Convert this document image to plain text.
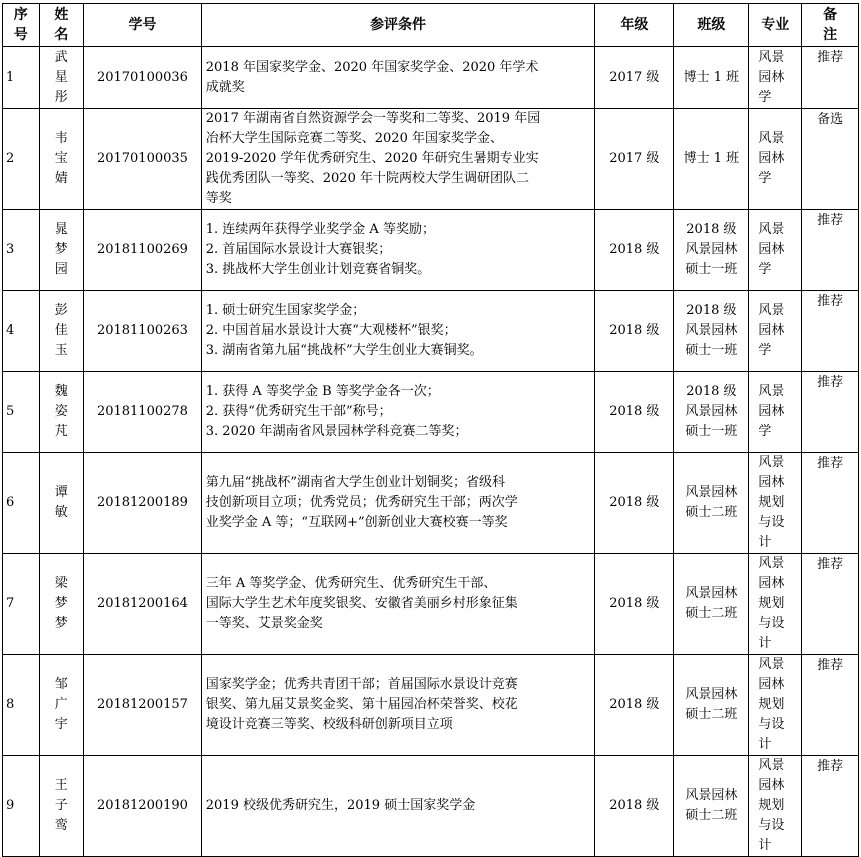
序号	姓名	学号	参评条件	年级	班级	专业	备注

1	武星彤	20170100036	2018 年国家奖学金、2020 年国家奖学金、2020 年学术
成就奖	2017 级	博士 1 班	风景园林学	推荐
2	韦宝婧	20170100035	2017 年湖南省自然资源学会一等奖和二等奖、2019 年园
冶杯大学生国际竞赛二等奖、2020 年国家奖学金、
2019-2020 学年优秀研究生、2020 年研究生暑期专业实
践优秀团队一等奖、2020 年十院两校大学生调研团队二
等奖	2017 级	博士 1 班	风景园林学	备选
3	晁梦园	20181100269	1. 连续两年获得学业奖学金 A 等奖励；
2. 首届国际水景设计大赛银奖；
3. 挑战杯大学生创业计划竞赛省铜奖。	2018 级	2018 级风景园林硕士一班	风景园林学	推荐
4	彭佳玉	20181100263	1. 硕士研究生国家奖学金；
2. 中国首届水景设计大赛“大观楼杯”银奖；
3. 湖南省第九届“挑战杯”大学生创业大赛铜奖。	2018 级	2018 级风景园林硕士一班	风景园林学	推荐
5	魏姿芃	20181100278	1. 获得 A 等奖学金 B 等奖学金各一次；
2. 获得“优秀研究生干部”称号；
3. 2020 年湖南省风景园林学科竞赛二等奖；	2018 级	2018 级风景园林硕士一班	风景园林学	推荐
6	谭敏	20181200189	第九届“挑战杯”湖南省大学生创业计划铜奖；省级科
技创新项目立项；优秀党员；优秀研究生干部；两次学
业奖学金 A 等；“互联网+”创新创业大赛校赛一等奖	2018 级	风景园林硕士二班	风景园林规划与设计	推荐
7	梁梦梦	20181200164	三年 A 等奖学金、优秀研究生、优秀研究生干部、
国际大学生艺术年度奖银奖、安徽省美丽乡村形象征集
一等奖、艾景奖金奖	2018 级	风景园林硕士二班	风景园林规划与设计	推荐
8	邹广宇	20181200157	国家奖学金；优秀共青团干部；首届国际水景设计竞赛
银奖、第九届艾景奖金奖、第十届园冶杯荣誉奖、校花
境设计竞赛三等奖、校级科研创新项目立项	2018 级	风景园林硕士二班	风景园林规划与设计	推荐
9	王子鸾	20181200190	2019 校级优秀研究生，2019 硕士国家奖学金	2018 级	风景园林硕士二班	风景园林规划与设计	推荐
